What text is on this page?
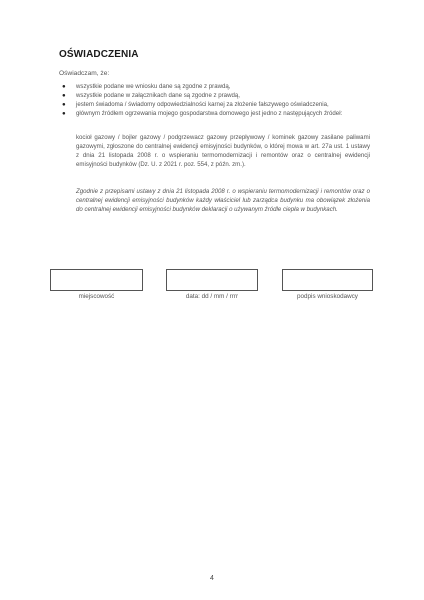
OŚWIADCZENIA
Oświadczam, że:
● wszystkie podane we wniosku dane są zgodne z prawdą,
● wszystkie podane w załącznikach dane są zgodne z prawdą,
● jestem świadoma / świadomy odpowiedzialności karnej za złożenie fałszywego oświadczenia,
● głównym źródłem ogrzewania mojego gospodarstwa domowego jest jedno z następujących źródeł:

kocioł gazowy / bojler gazowy / podgrzewacz gazowy przepływowy / kominek gazowy zasilane paliwami gazowymi, zgłoszone do centralnej ewidencji emisyjności budynków, o której mowa w art. 27a ust. 1 ustawy z dnia 21 listopada 2008 r. o wspieraniu termomodernizacji i remontów oraz o centralnej ewidencji emisyjności budynków (Dz. U. z 2021 r. poz. 554, z późn. zm.).

Zgodnie z przepisami ustawy z dnia 21 listopada 2008 r. o wspieraniu termomodernizacji i remontów oraz o centralnej ewidencji emisyjności budynków każdy właściciel lub zarządca budynku ma obowiązek złożenia do centralnej ewidencji emisyjności budynków deklaracji o używanym źródle ciepła w budynkach.

miejscowość	data: dd / mm / rrrr	podpis wnioskodawcy
4
